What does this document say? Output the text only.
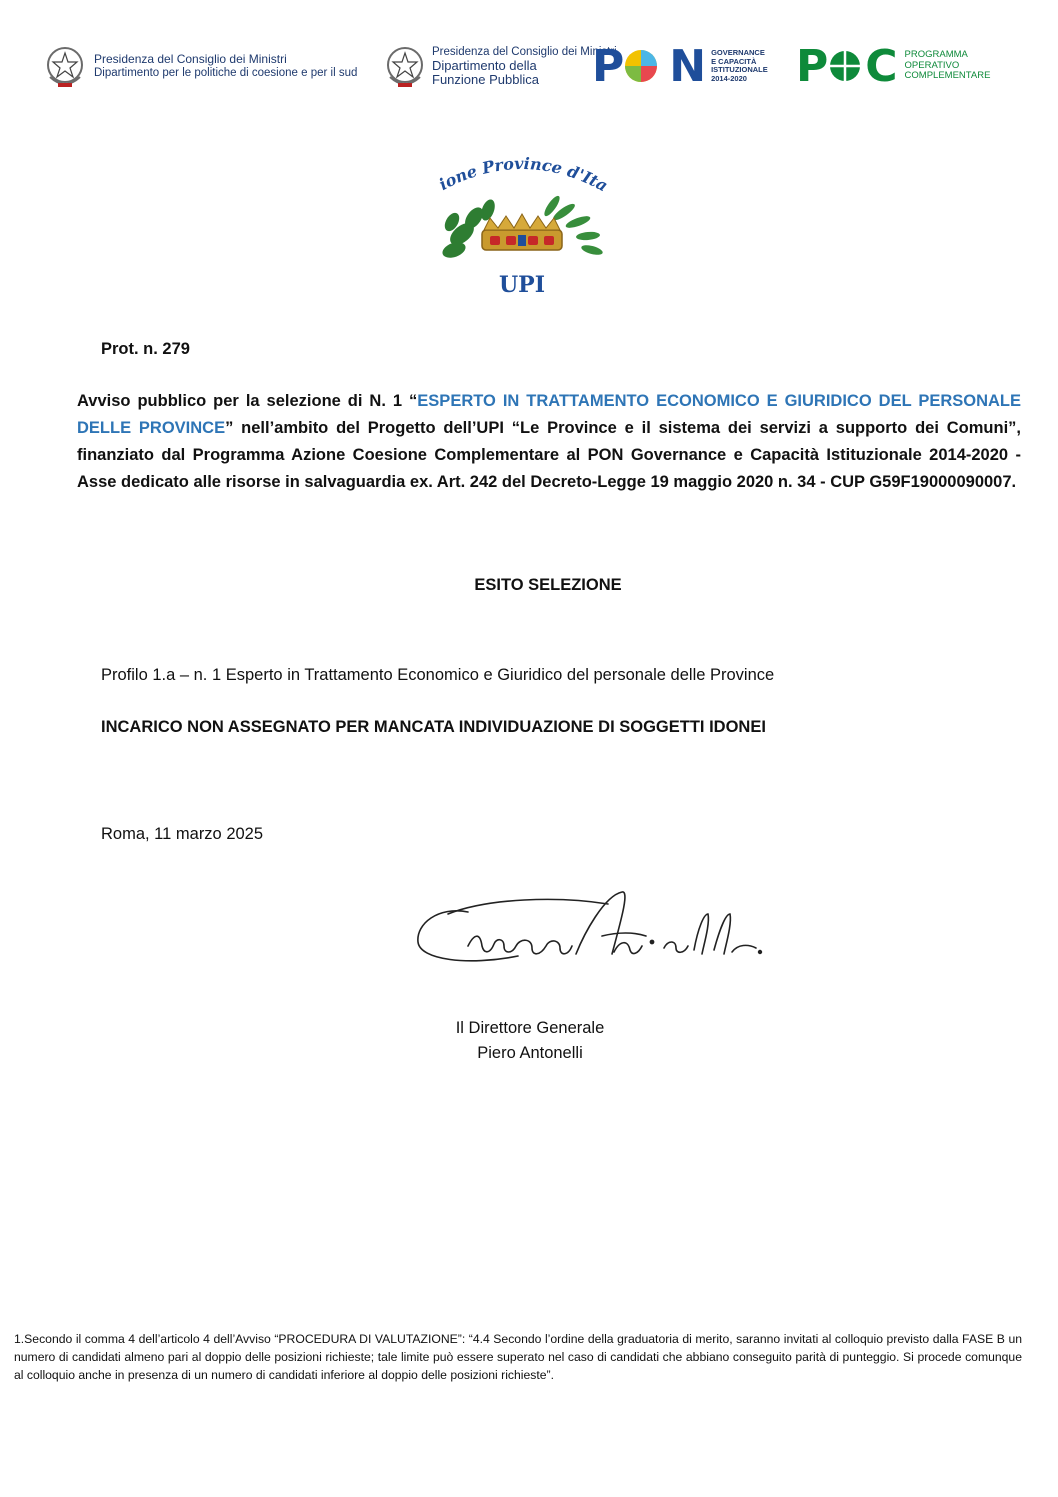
Presidenza del Consiglio dei Ministri
Dipartimento per le politiche di coesione e per il sud
Presidenza del Consiglio dei Ministri
Dipartimento della
Funzione Pubblica	P N GOVERNANCE
E CAPACITÀ
ISTITUZIONALE
2014-2020	P C PROGRAMMA
OPERATIVO
COMPLEMENTARE
ione Province d'Ita
UPI
Prot. n. 279
Avviso pubblico per la selezione di N. 1 “ESPERTO IN TRATTAMENTO ECONOMICO E GIURIDICO DEL PERSONALE DELLE PROVINCE” nell’ambito del Progetto dell’UPI “Le Province e il sistema dei servizi a supporto dei Comuni”, finanziato dal Programma Azione Coesione Complementare al PON Governance e Capacità Istituzionale 2014-2020 - Asse dedicato alle risorse in salvaguardia ex. Art. 242 del Decreto-Legge 19 maggio 2020 n. 34 - CUP G59F19000090007.
ESITO SELEZIONE
Profilo 1.a – n. 1 Esperto in Trattamento Economico e Giuridico del personale delle Province
INCARICO NON ASSEGNATO PER MANCATA INDIVIDUAZIONE DI SOGGETTI IDONEI
Roma, 11 marzo 2025
Il Direttore Generale
Piero Antonelli
1.Secondo il comma 4 dell’articolo 4 dell’Avviso “PROCEDURA DI VALUTAZIONE”: “4.4 Secondo l’ordine della graduatoria di merito, saranno invitati al colloquio previsto dalla FASE B un numero di candidati almeno pari al doppio delle posizioni richieste; tale limite può essere superato nel caso di candidati che abbiano conseguito parità di punteggio. Si procede comunque al colloquio anche in presenza di un numero di candidati inferiore al doppio delle posizioni richieste”.
